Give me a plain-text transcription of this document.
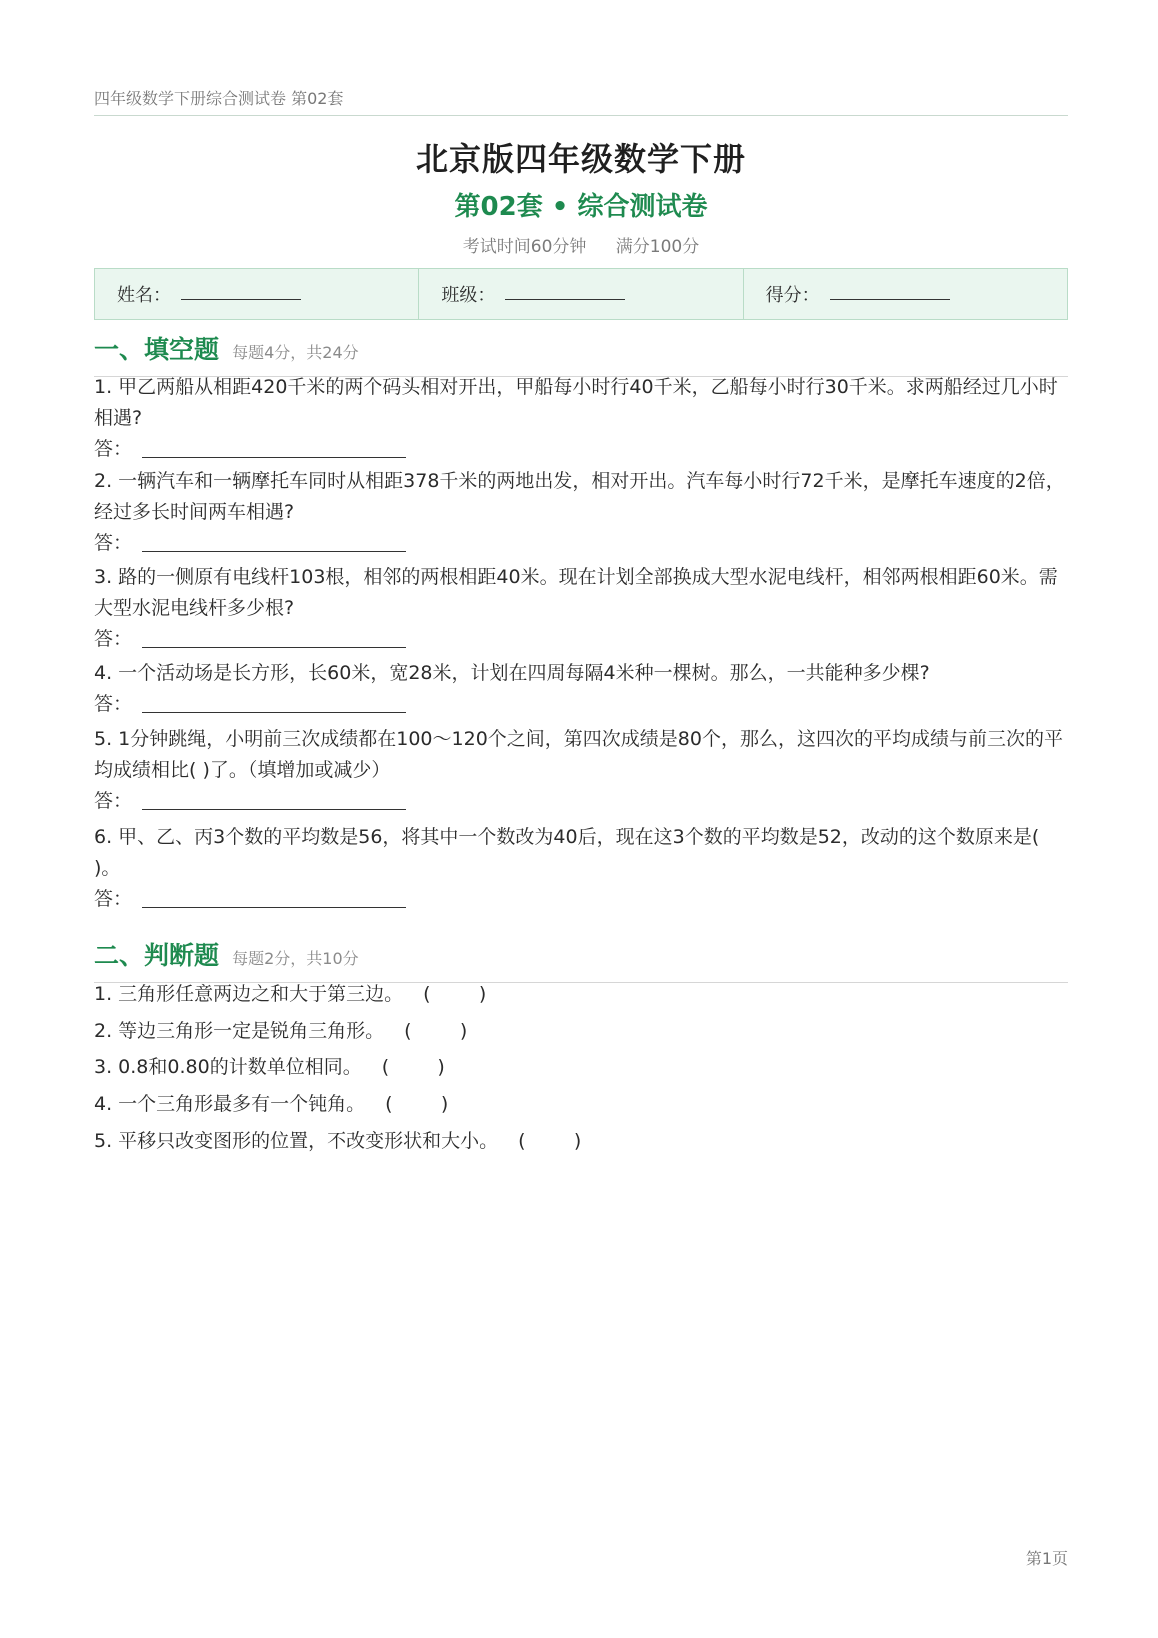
四年级数学下册综合测试卷 第02套
北京版四年级数学下册
第02套 • 综合测试卷
考试时间60分钟 满分100分
姓名：	班级：	得分：
一、填空题 每题4分，共24分
1. 甲乙两船从相距420千米的两个码头相对开出，甲船每小时行40千米，乙船每小时行30千米。求两船经过几小时相遇?
答：
2. 一辆汽车和一辆摩托车同时从相距378千米的两地出发，相对开出。汽车每小时行72千米，是摩托车速度的2倍，经过多长时间两车相遇?
答：
3. 路的一侧原有电线杆103根，相邻的两根相距40米。现在计划全部换成大型水泥电线杆，相邻两根相距60米。需大型水泥电线杆多少根?
答：
4. 一个活动场是长方形，长60米，宽28米，计划在四周每隔4米种一棵树。那么，一共能种多少棵?
答：
5. 1分钟跳绳，小明前三次成绩都在100～120个之间，第四次成绩是80个，那么，这四次的平均成绩与前三次的平均成绩相比( )了。（填增加或减少）
答：
6. 甲、乙、丙3个数的平均数是56，将其中一个数改为40后，现在这3个数的平均数是52，改动的这个数原来是( )。
答：
二、判断题 每题2分，共10分
1. 三角形任意两边之和大于第三边。 (        )
2. 等边三角形一定是锐角三角形。 (        )
3. 0.8和0.80的计数单位相同。 (        )
4. 一个三角形最多有一个钝角。 (        )
5. 平移只改变图形的位置，不改变形状和大小。 (        )
第1页
